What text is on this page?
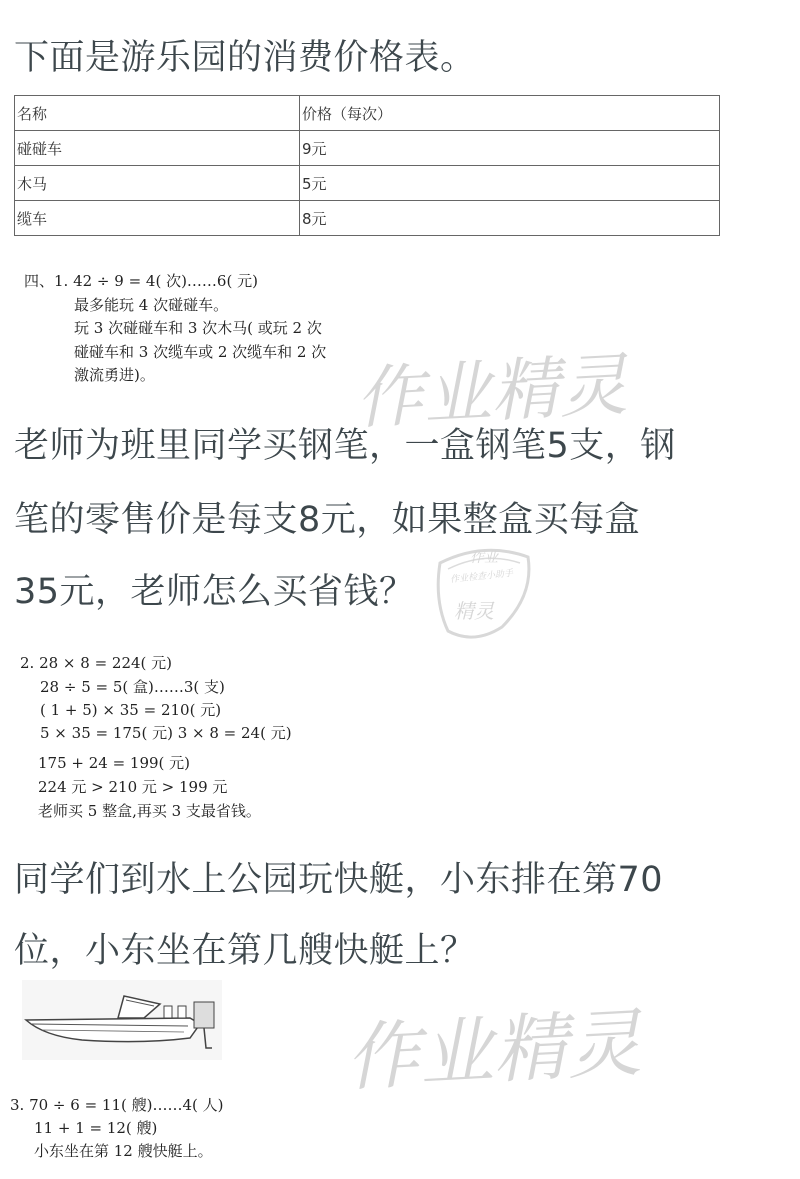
下面是游乐园的消费价格表。
名称	价格（每次）
碰碰车	9元
木马	5元
缆车	8元
四、1. 42 ÷ 9 = 4( 次)……6( 元)
最多能玩 4 次碰碰车。
玩 3 次碰碰车和 3 次木马( 或玩 2 次
碰碰车和 3 次缆车或 2 次缆车和 2 次
激流勇进)。	作业精灵
老师为班里同学买钢笔，一盒钢笔5支，钢
笔的零售价是每支8元，如果整盒买每盒
35元，老师怎么买省钱？
作业
作业检查小助手
精灵
2. 28 × 8 = 224( 元)
28 ÷ 5 = 5( 盒)……3( 支)
( 1 + 5) × 35 = 210( 元)
5 × 35 = 175( 元) 3 × 8 = 24( 元)
175 + 24 = 199( 元)
224 元 > 210 元 > 199 元
老师买 5 整盒,再买 3 支最省钱。
同学们到水上公园玩快艇，小东排在第70
位，小东坐在第几艘快艇上？
作业精灵
3. 70 ÷ 6 = 11( 艘)……4( 人)
11 + 1 = 12( 艘)
小东坐在第 12 艘快艇上。
